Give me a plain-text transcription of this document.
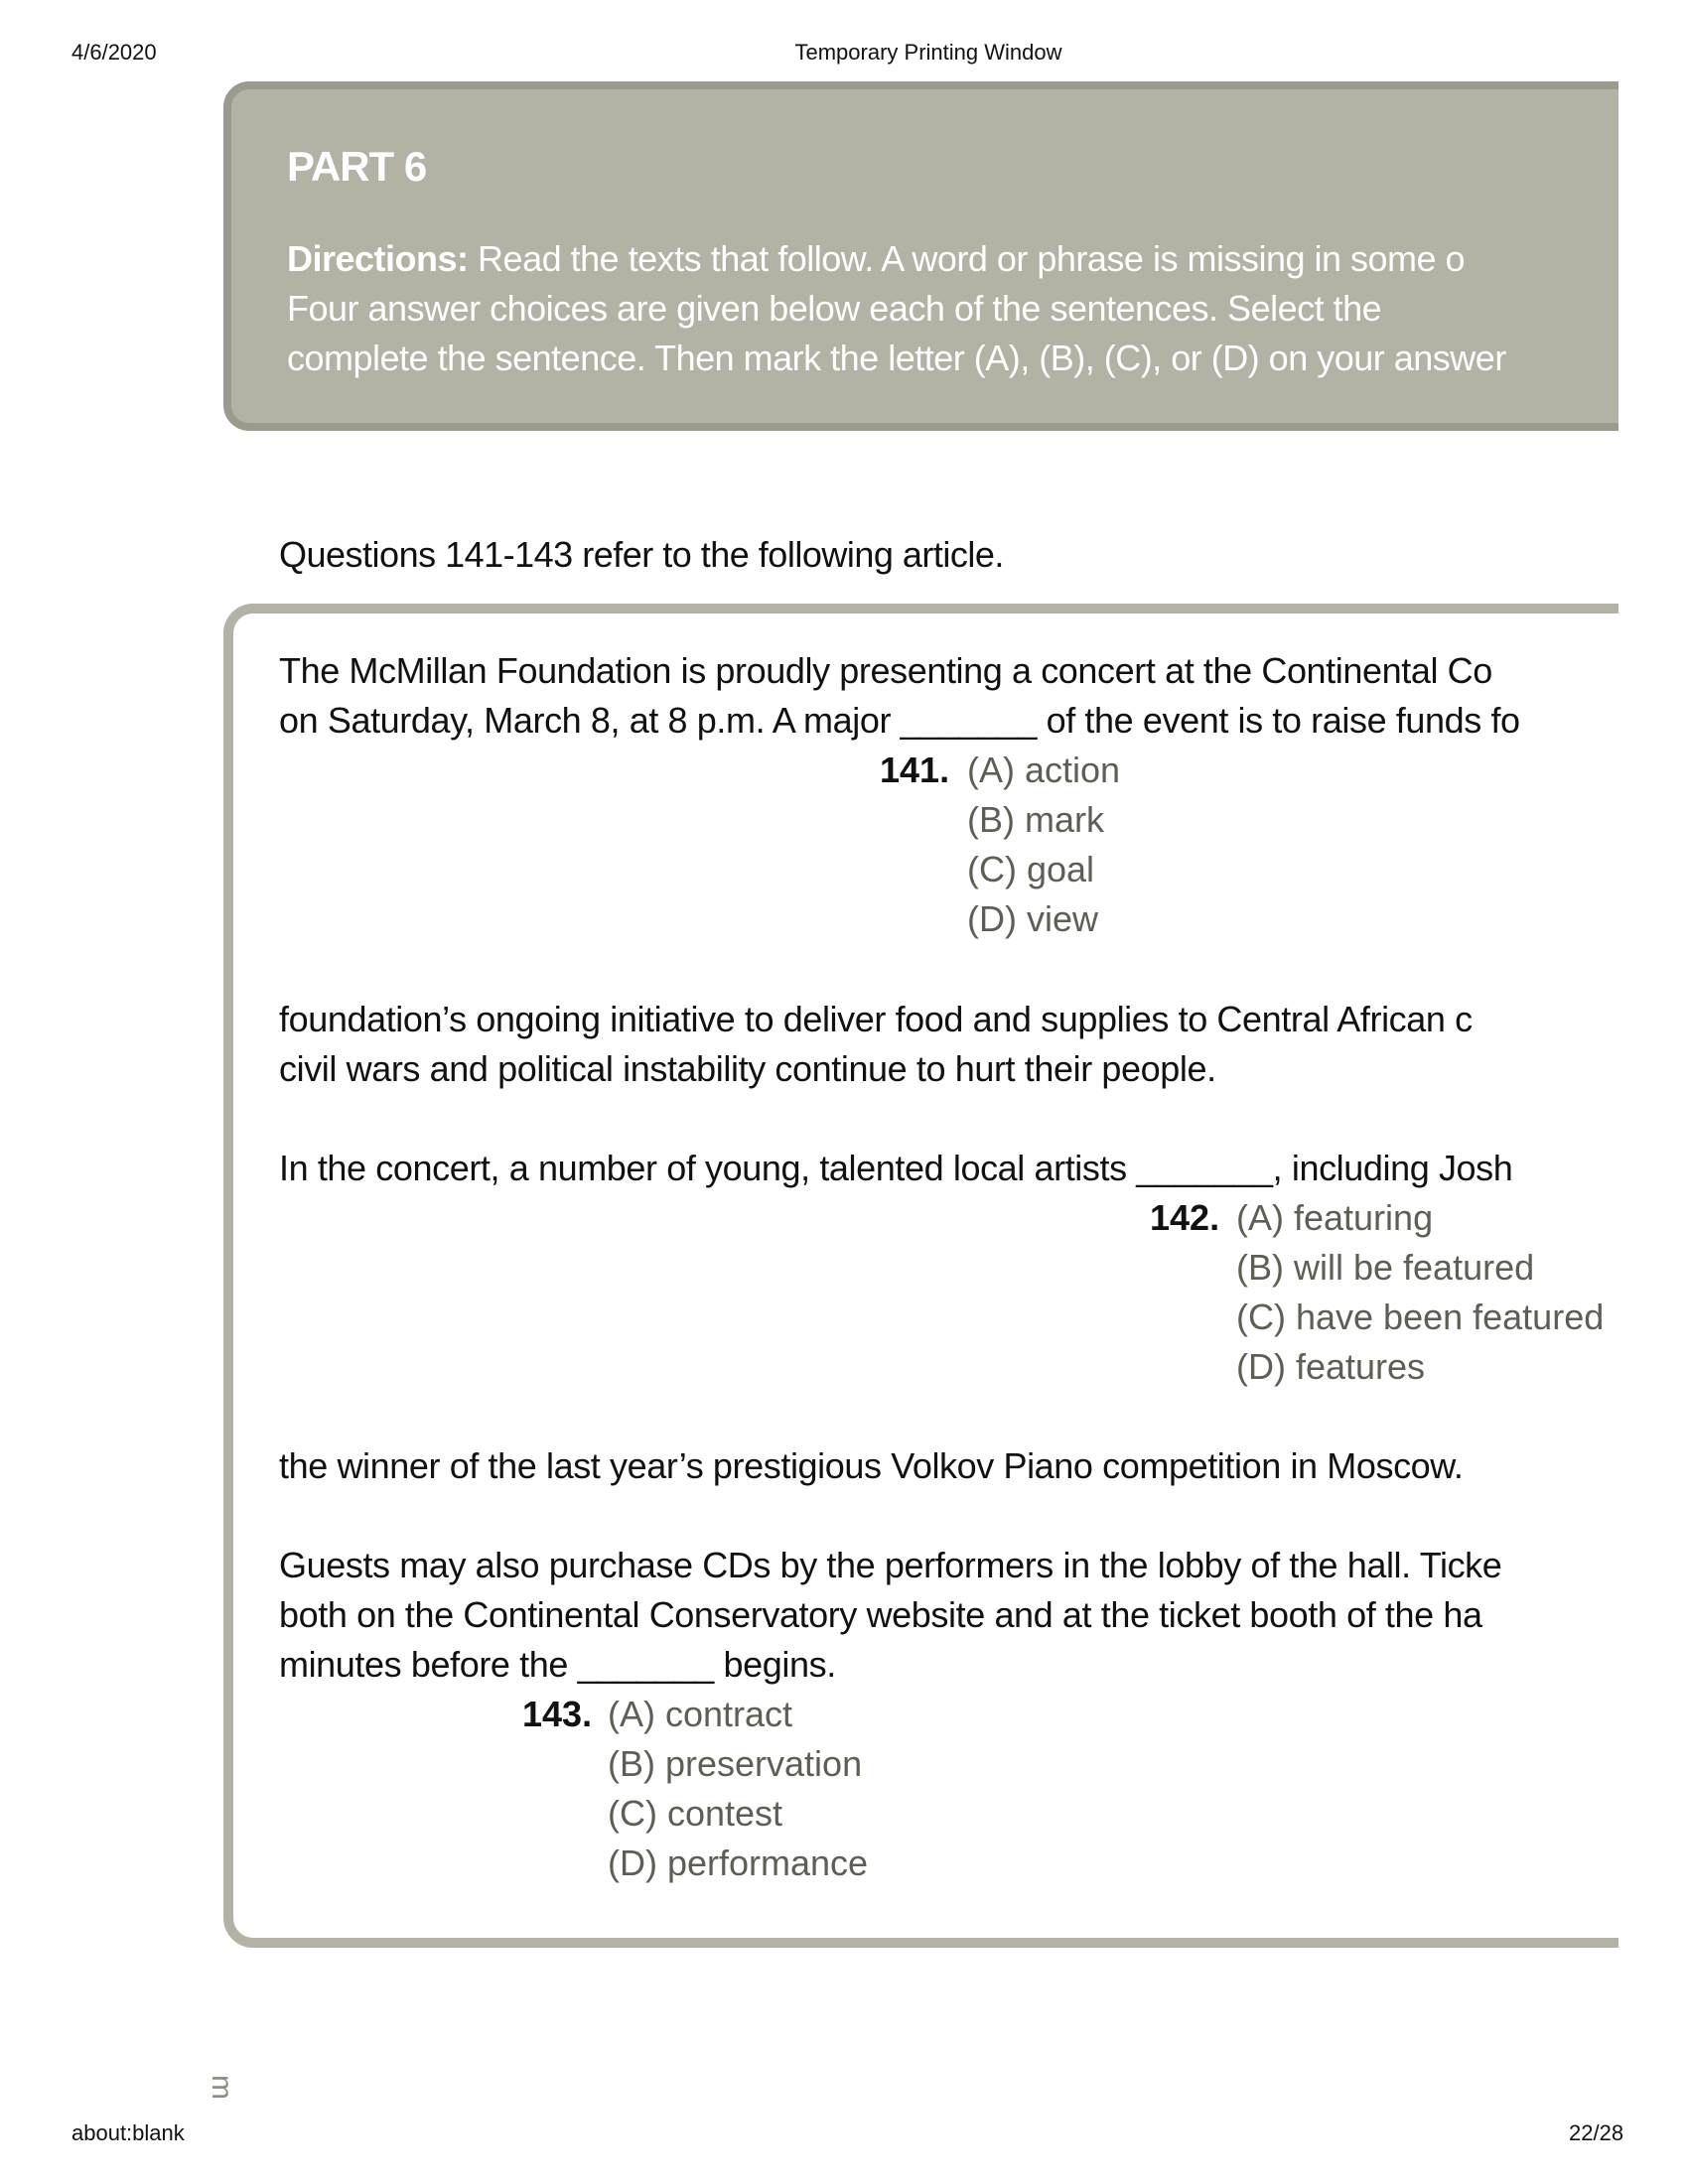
4/6/2020	Temporary Printing Window
PART 6
Directions: Read the texts that follow. A word or phrase is missing in some o
Four answer choices are given below each of the sentences. Select the
complete the sentence. Then mark the letter (A), (B), (C), or (D) on your answer
Questions 141-143 refer to the following article.
The McMillan Foundation is proudly presenting a concert at the Continental Co
on Saturday, March 8, at 8 p.m. A major _______ of the event is to raise funds fo
141. (A) action
(B) mark
(C) goal
(D) view
foundation’s ongoing initiative to deliver food and supplies to Central African c
civil wars and political instability continue to hurt their people.
In the concert, a number of young, talented local artists _______, including Josh
142. (A) featuring
(B) will be featured
(C) have been featured
(D) features
the winner of the last year’s prestigious Volkov Piano competition in Moscow.
Guests may also purchase CDs by the performers in the lobby of the hall. Ticke
both on the Continental Conservatory website and at the ticket booth of the ha
minutes before the _______ begins.
143. (A) contract
(B) preservation
(C) contest
(D) performance
m
about:blank	22/28
